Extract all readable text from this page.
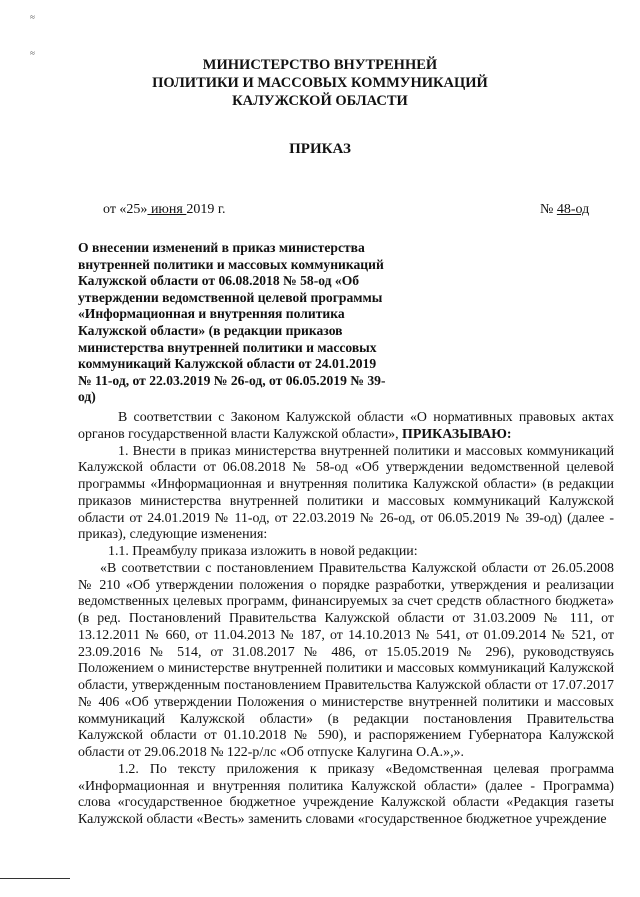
≈
≈
МИНИСТЕРСТВО ВНУТРЕННЕЙ
ПОЛИТИКИ И МАССОВЫХ КОММУНИКАЦИЙ
КАЛУЖСКОЙ ОБЛАСТИ
ПРИКАЗ
от «25» июня 2019 г.	№ 48-од
О внесении изменений в приказ министерства
внутренней политики и массовых коммуникаций
Калужской области от 06.08.2018 № 58-од «Об
утверждении ведомственной целевой программы
«Информационная и внутренняя политика
Калужской области» (в редакции приказов
министерства внутренней политики и массовых
коммуникаций Калужской области от 24.01.2019
№ 11-од, от 22.03.2019 № 26-од, от 06.05.2019 № 39-
од)

В соответствии с Законом Калужской области «О нормативных правовых актах органов государственной власти Калужской области», ПРИКАЗЫВАЮ:

1. Внести в приказ министерства внутренней политики и массовых коммуникаций Калужской области от 06.08.2018 № 58-од «Об утверждении ведомственной целевой программы «Информационная и внутренняя политика Калужской области» (в редакции приказов министерства внутренней политики и массовых коммуникаций Калужской области от 24.01.2019 № 11-од, от 22.03.2019 № 26-од, от 06.05.2019 № 39-од) (далее - приказ), следующие изменения:

1.1. Преамбулу приказа изложить в новой редакции:

«В соответствии с постановлением Правительства Калужской области от 26.05.2008 № 210 «Об утверждении положения о порядке разработки, утверждения и реализации ведомственных целевых программ, финансируемых за счет средств областного бюджета» (в ред. Постановлений Правительства Калужской области от 31.03.2009 № 111, от 13.12.2011 № 660, от 11.04.2013 № 187, от 14.10.2013 № 541, от 01.09.2014 № 521, от 23.09.2016 № 514, от 31.08.2017 № 486, от 15.05.2019 № 296), руководствуясь Положением о министерстве внутренней политики и массовых коммуникаций Калужской области, утвержденным постановлением Правительства Калужской области от 17.07.2017 № 406 «Об утверждении Положения о министерстве внутренней политики и массовых коммуникаций Калужской области» (в редакции постановления Правительства Калужской области от 01.10.2018 № 590), и распоряжением Губернатора Калужской области от 29.06.2018 № 122-р/лс «Об отпуске Калугина О.А.»,».

1.2. По тексту приложения к приказу «Ведомственная целевая программа «Информационная и внутренняя политика Калужской области» (далее - Программа) слова «государственное бюджетное учреждение Калужской области «Редакция газеты Калужской области «Весть» заменить словами «государственное бюджетное учреждение
